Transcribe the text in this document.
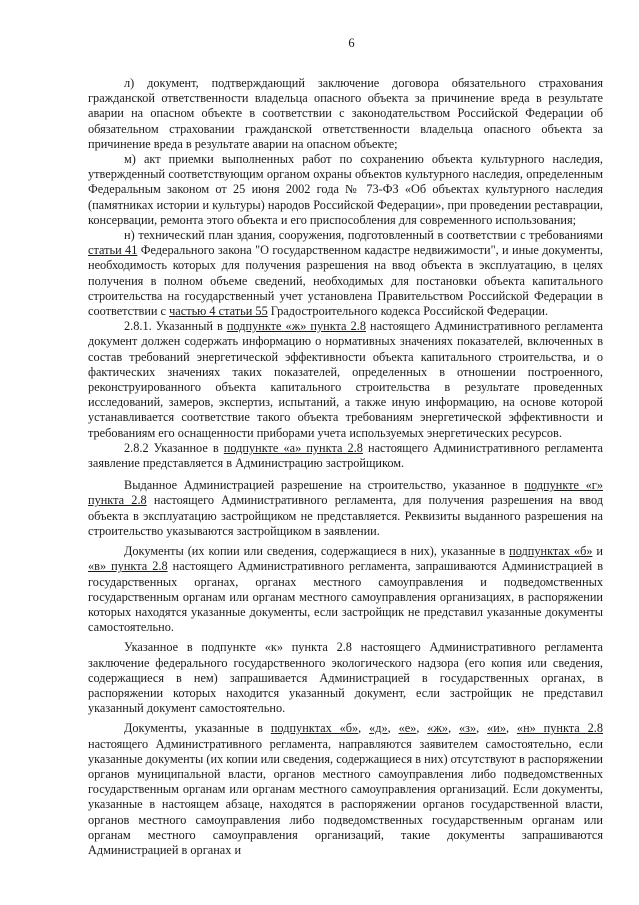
6

л) документ, подтверждающий заключение договора обязательного страхования гражданской ответственности владельца опасного объекта за причинение вреда в результате аварии на опасном объекте в соответствии с законодательством Российской Федерации об обязательном страховании гражданской ответственности владельца опасного объекта за причинение вреда в результате аварии на опасном объекте;

м) акт приемки выполненных работ по сохранению объекта культурного наследия, утвержденный соответствующим органом охраны объектов культурного наследия, определенным Федеральным законом от 25 июня 2002 года № 73-ФЗ «Об объектах культурного наследия (памятниках истории и культуры) народов Российской Федерации», при проведении реставрации, консервации, ремонта этого объекта и его приспособления для современного использования;

н) технический план здания, сооружения, подготовленный в соответствии с требованиями статьи 41 Федерального закона "О государственном кадастре недвижимости", и иные документы, необходимость которых для получения разрешения на ввод объекта в эксплуатацию, в целях получения в полном объеме сведений, необходимых для постановки объекта капитального строительства на государственный учет установлена Правительством Российской Федерации в соответствии с частью 4 статьи 55 Градостроительного кодекса Российской Федерации.

2.8.1. Указанный в подпункте «ж» пункта 2.8 настоящего Административного регламента документ должен содержать информацию о нормативных значениях показателей, включенных в состав требований энергетической эффективности объекта капитального строительства, и о фактических значениях таких показателей, определенных в отношении построенного, реконструированного объекта капитального строительства в результате проведенных исследований, замеров, экспертиз, испытаний, а также иную информацию, на основе которой устанавливается соответствие такого объекта требованиям энергетической эффективности и требованиям его оснащенности приборами учета используемых энергетических ресурсов.

2.8.2 Указанное в подпункте «а» пункта 2.8 настоящего Административного регламента заявление представляется в Администрацию застройщиком.

Выданное Администрацией разрешение на строительство, указанное в подпункте «г» пункта 2.8 настоящего Административного регламента, для получения разрешения на ввод объекта в эксплуатацию застройщиком не представляется. Реквизиты выданного разрешения на строительство указываются застройщиком в заявлении.

Документы (их копии или сведения, содержащиеся в них), указанные в подпунктах «б» и «в» пункта 2.8 настоящего Административного регламента, запрашиваются Администрацией в государственных органах, органах местного самоуправления и подведомственных государственным органам или органам местного самоуправления организациях, в распоряжении которых находятся указанные документы, если застройщик не представил указанные документы самостоятельно.

Указанное в подпункте «к» пункта 2.8 настоящего Административного регламента заключение федерального государственного экологического надзора (его копия или сведения, содержащиеся в нем) запрашивается Администрацией в государственных органах, в распоряжении которых находится указанный документ, если застройщик не представил указанный документ самостоятельно.

Документы, указанные в подпунктах «б», «д», «е», «ж», «з», «и», «н» пункта 2.8 настоящего Административного регламента, направляются заявителем самостоятельно, если указанные документы (их копии или сведения, содержащиеся в них) отсутствуют в распоряжении органов муниципальной власти, органов местного самоуправления либо подведомственных государственным органам или органам местного самоуправления организаций. Если документы, указанные в настоящем абзаце, находятся в распоряжении органов государственной власти, органов местного самоуправления либо подведомственных государственным органам или органам местного самоуправления организаций, такие документы запрашиваются Администрацией в органах и
